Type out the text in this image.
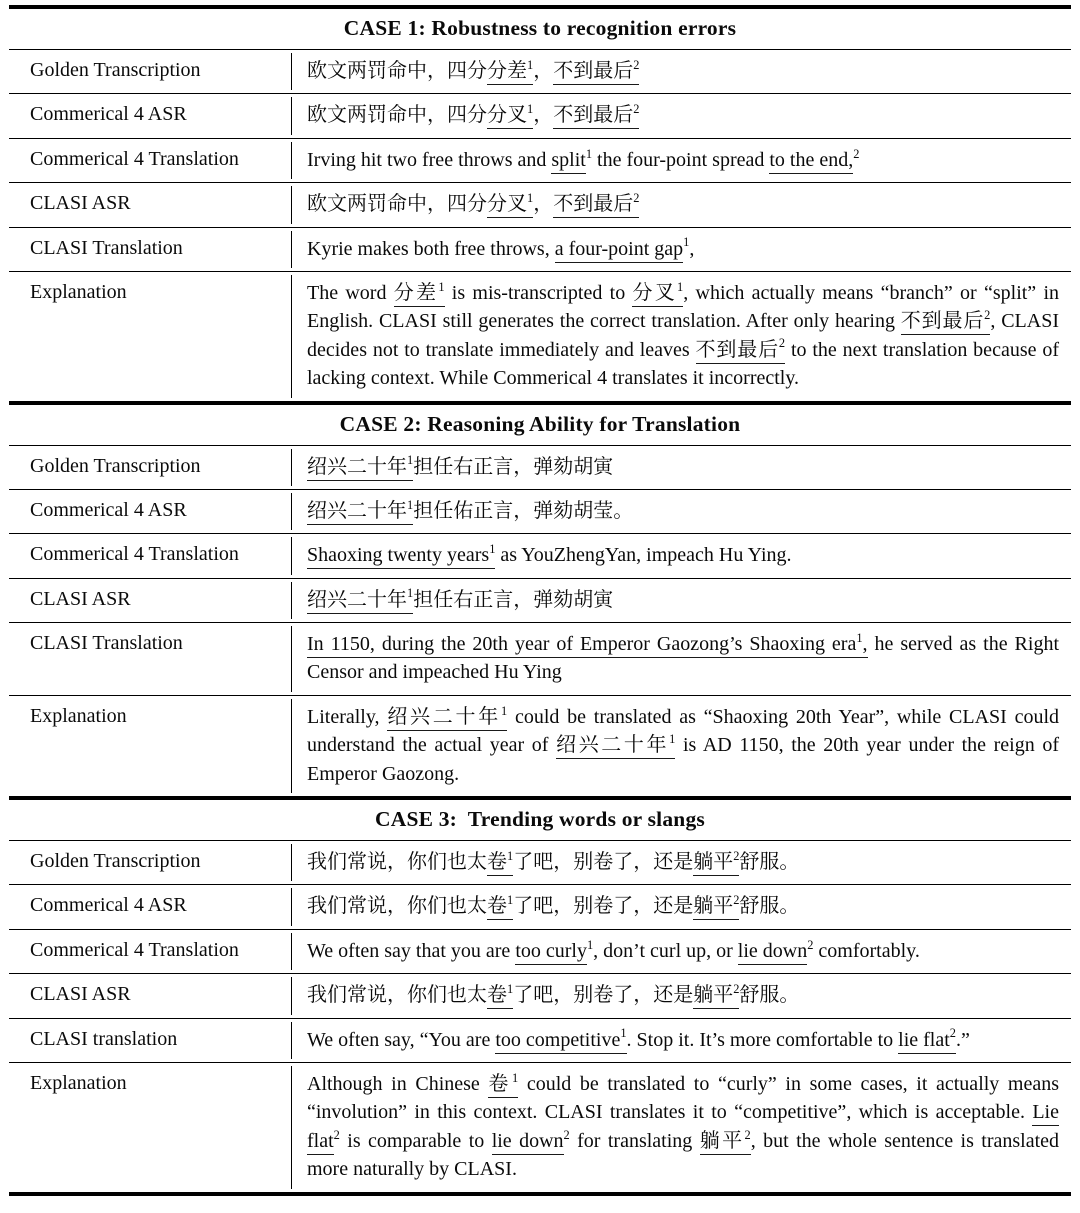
CASE 1: Robustness to recognition errors
Golden Transcription	欧文两罚命中，四分分差$^1$，不到最后$^2$
Commerical 4 ASR	欧文两罚命中，四分分叉$^1$，不到最后$^2$
Commerical 4 Translation	Irving hit two free throws and split$^1$ the four-point spread to the end,$^2$
CLASI ASR	欧文两罚命中，四分分叉$^1$，不到最后$^2$
CLASI Translation	Kyrie makes both free throws, a four-point gap$^1$,
Explanation	The word 分差$^1$ is mis-transcripted to 分叉$^1$, which actually means “branch” or “split” in English. CLASI still generates the correct translation. After only hearing 不到最后$^2$, CLASI decides not to translate immediately and leaves 不到最后$^2$ to the next translation because of lacking context. While Commerical 4 translates it incorrectly.
CASE 2: Reasoning Ability for Translation
Golden Transcription	绍兴二十年$^1$担任右正言，弹劾胡寅
Commerical 4 ASR	绍兴二十年$^1$担任佑正言，弹劾胡莹。
Commerical 4 Translation	Shaoxing twenty years$^1$ as YouZhengYan, impeach Hu Ying.
CLASI ASR	绍兴二十年$^1$担任右正言，弹劾胡寅
CLASI Translation	In 1150, during the 20th year of Emperor Gaozong’s Shaoxing era$^1$, he served as the Right Censor and impeached Hu Ying
Explanation	Literally, 绍兴二十年$^1$ could be translated as “Shaoxing 20th Year”, while CLASI could understand the actual year of 绍兴二十年$^1$ is AD 1150, the 20th year under the reign of Emperor Gaozong.
CASE 3:  Trending words or slangs
Golden Transcription	我们常说，你们也太卷$^1$了吧，别卷了，还是躺平$^2$舒服。
Commerical 4 ASR	我们常说，你们也太卷$^1$了吧，别卷了，还是躺平$^2$舒服。
Commerical 4 Translation	We often say that you are too curly$^1$, don’t curl up, or lie down$^2$ comfortably.
CLASI ASR	我们常说，你们也太卷$^1$了吧，别卷了，还是躺平$^2$舒服。
CLASI translation	We often say, “You are too competitive$^1$. Stop it. It’s more comfortable to lie flat$^2$.”
Explanation	Although in Chinese 卷$^1$ could be translated to “curly” in some cases, it actually means “involution” in this context. CLASI translates it to “competitive”, which is acceptable. Lie flat$^2$ is comparable to lie down$^2$ for translating 躺平$^2$, but the whole sentence is translated more naturally by CLASI.
